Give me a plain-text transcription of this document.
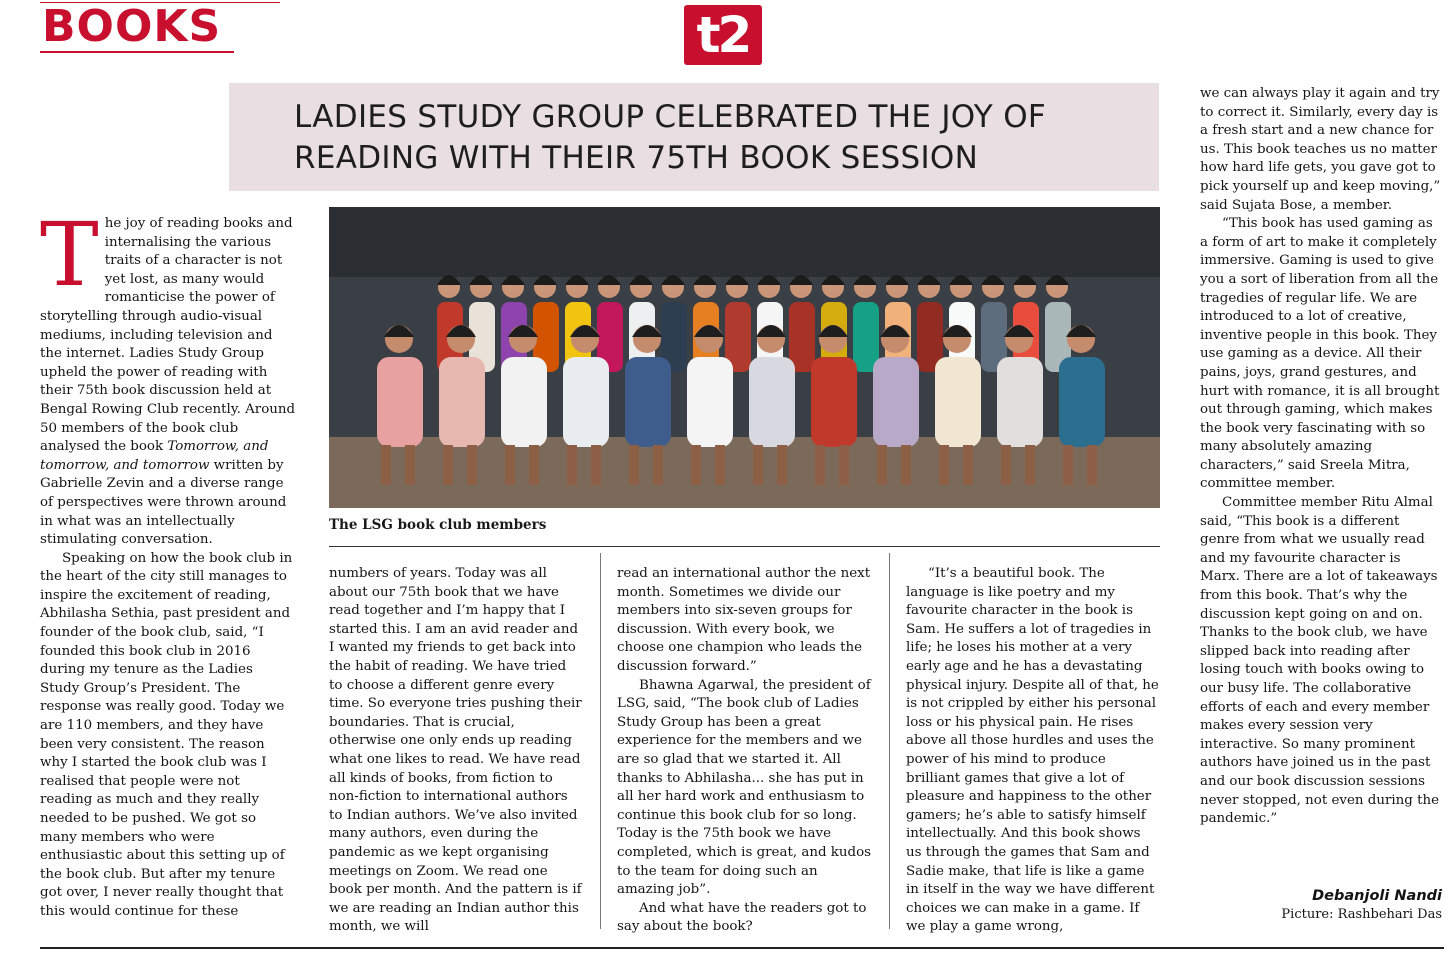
BOOKS	t2
LADIES STUDY GROUP CELEBRATED THE JOY OF READING WITH THEIR 75TH BOOK SESSION

The joy of reading books and internalising the various traits of a character is not yet lost, as many would romanticise the power of storytelling through audio-visual mediums, including television and the internet. Ladies Study Group upheld the power of reading with their 75th book discussion held at Bengal Rowing Club recently. Around 50 members of the book club analysed the book Tomorrow, and tomorrow, and tomorrow written by Gabrielle Zevin and a diverse range of perspectives were thrown around in what was an intellectually stimulating conversation.

Speaking on how the book club in the heart of the city still manages to inspire the excitement of reading, Abhilasha Sethia, past president and founder of the book club, said, “I founded this book club in 2016 during my tenure as the Ladies Study Group’s President. The response was really good. Today we are 110 members, and they have been very consistent. The reason why I started the book club was I realised that people were not reading as much and they really needed to be pushed. We got so many members who were enthusiastic about this setting up of the book club. But after my tenure got over, I never really thought that this would continue for these

The LSG book club members

numbers of years. Today was all about our 75th book that we have read together and I’m happy that I started this. I am an avid reader and I wanted my friends to get back into the habit of reading. We have tried to choose a different genre every time. So everyone tries pushing their boundaries. That is crucial, otherwise one only ends up reading what one likes to read. We have read all kinds of books, from fiction to non-fiction to international authors to Indian authors. We’ve also invited many authors, even during the pandemic as we kept organising meetings on Zoom. We read one book per month. And the pattern is if we are reading an Indian author this month, we will

read an international author the next month. Sometimes we divide our members into six-seven groups for discussion. With every book, we choose one champion who leads the discussion forward.”

Bhawna Agarwal, the president of LSG, said, “The book club of Ladies Study Group has been a great experience for the members and we are so glad that we started it. All thanks to Abhilasha... she has put in all her hard work and enthusiasm to continue this book club for so long. Today is the 75th book we have completed, which is great, and kudos to the team for doing such an amazing job”.

And what have the readers got to say about the book?

“It’s a beautiful book. The language is like poetry and my favourite character in the book is Sam. He suffers a lot of tragedies in life; he loses his mother at a very early age and he has a devastating physical injury. Despite all of that, he is not crippled by either his personal loss or his physical pain. He rises above all those hurdles and uses the power of his mind to produce brilliant games that give a lot of pleasure and happiness to the other gamers; he’s able to satisfy himself intellectually. And this book shows us through the games that Sam and Sadie make, that life is like a game in itself in the way we have different choices we can make in a game. If we play a game wrong,

we can always play it again and try to correct it. Similarly, every day is a fresh start and a new chance for us. This book teaches us no matter how hard life gets, you gave got to pick yourself up and keep moving,” said Sujata Bose, a member.

“This book has used gaming as a form of art to make it completely immersive. Gaming is used to give you a sort of liberation from all the tragedies of regular life. We are introduced to a lot of creative, inventive people in this book. They use gaming as a device. All their pains, joys, grand gestures, and hurt with romance, it is all brought out through gaming, which makes the book very fascinating with so many absolutely amazing characters,” said Sreela Mitra, committee member.

Committee member Ritu Almal said, “This book is a different genre from what we usually read and my favourite character is Marx. There are a lot of takeaways from this book. That’s why the discussion kept going on and on. Thanks to the book club, we have slipped back into reading after losing touch with books owing to our busy life. The collaborative efforts of each and every member makes every session very interactive. So many prominent authors have joined us in the past and our book discussion sessions never stopped, not even during the pandemic.”

Debanjoli Nandi
Picture: Rashbehari Das
